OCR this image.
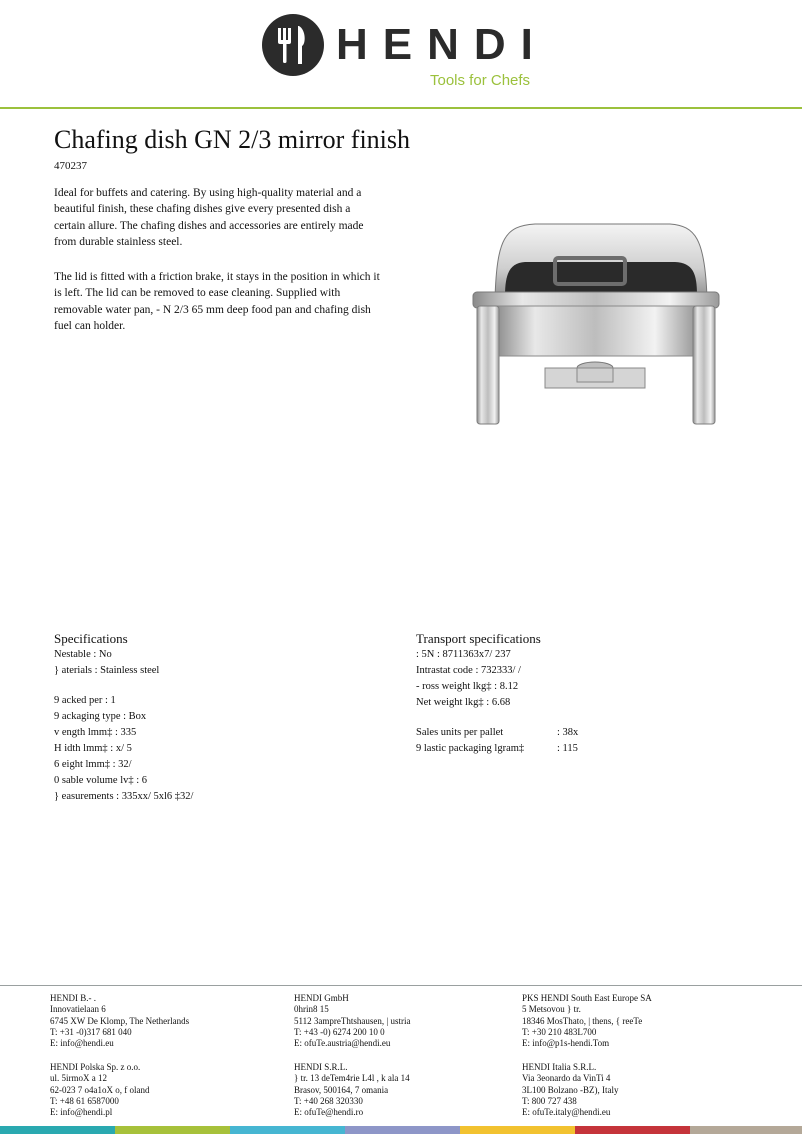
HENDI
Tools for Chefs
Chafing dish GN 2/3 mirror finish
470237
Ideal for buffets and catering. By using high-quality material and a beautiful finish, these chafing dishes give every presented dish a certain allure. The chafing dishes and accessories are entirely made from durable stainless steel.
The lid is fitted with a friction brake, it stays in the position in which it is left. The lid can be removed to ease cleaning. Supplied with removable water pan, - N 2/3 65 mm deep food pan and chafing dish fuel can holder.
Specifications
Nestable : No
} aterials : Stainless steel
9 acked per : 1
9 ackaging type : Box
v ength lmm‡ : 335
H idth lmm‡ : x/ 5
6 eight lmm‡ : 32/
0 sable volume lv‡ : 6
} easurements : 335xx/ 5xl6 ‡32/
Transport specifications
: 5N : 8711363x7/ 237
Intrastat code : 732333/ /
- ross weight lkg‡ : 8.12
Net weight lkg‡ : 6.68
Sales units per pallet	: 38x
9 lastic packaging lgram‡	: 115
HENDI B.- .
Innovatielaan 6
6745 XW De Klomp, The Netherlands
T: +31 -0)317 681 040
E: info@hendi.eu
HENDI Polska Sp. z o.o.
ul. 5irmoX a 12
62-023 7 o4a1oX o, f oland
T: +48 61 6587000
E: info@hendi.pl
HENDI GmbH
0hrin8 15
5112 3ampreThtshausen, | ustria
T: +43 -0) 6274 200 10 0
E: ofuTe.austria@hendi.eu
HENDI S.R.L.
} tr. 13 deTem4rie L4l , k ala 14
Brasov, 500164, 7 omania
T: +40 268 320330
E: ofuTe@hendi.ro
PKS HENDI South East Europe SA
5 Metsovou } tr.
18346 MosThato, | thens, { reeTe
T: +30 210 483L700
E: info@p1s-hendi.Tom
HENDI Italia S.R.L.
Via 3eonardo da VinTi 4
3L100 Bolzano -BZ), Italy
T: 800 727 438
E: ofuTe.italy@hendi.eu
